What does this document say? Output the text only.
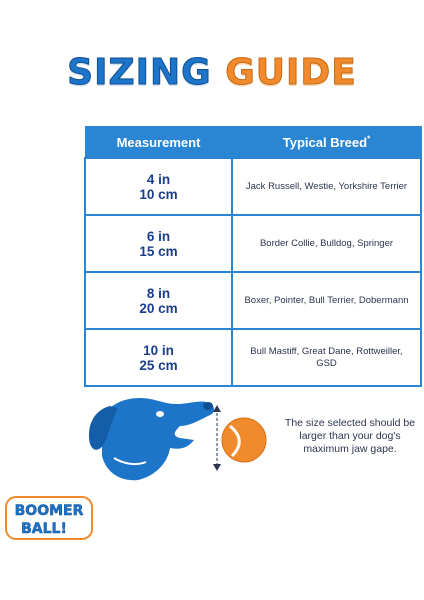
SIZING GUIDE
Measurement	Typical Breed*

4 in
10 cm	Jack Russell, Westie, Yorkshire Terrier

6 in
15 cm	Border Collie, Bulldog, Springer

8 in
20 cm	Boxer, Pointer, Bull Terrier, Dobermann

10 in
25 cm	Bull Mastiff, Great Dane, Rottweiller, GSD
The size selected should be larger than your dog's maximum jaw gape.
BOOMER
BALL!
